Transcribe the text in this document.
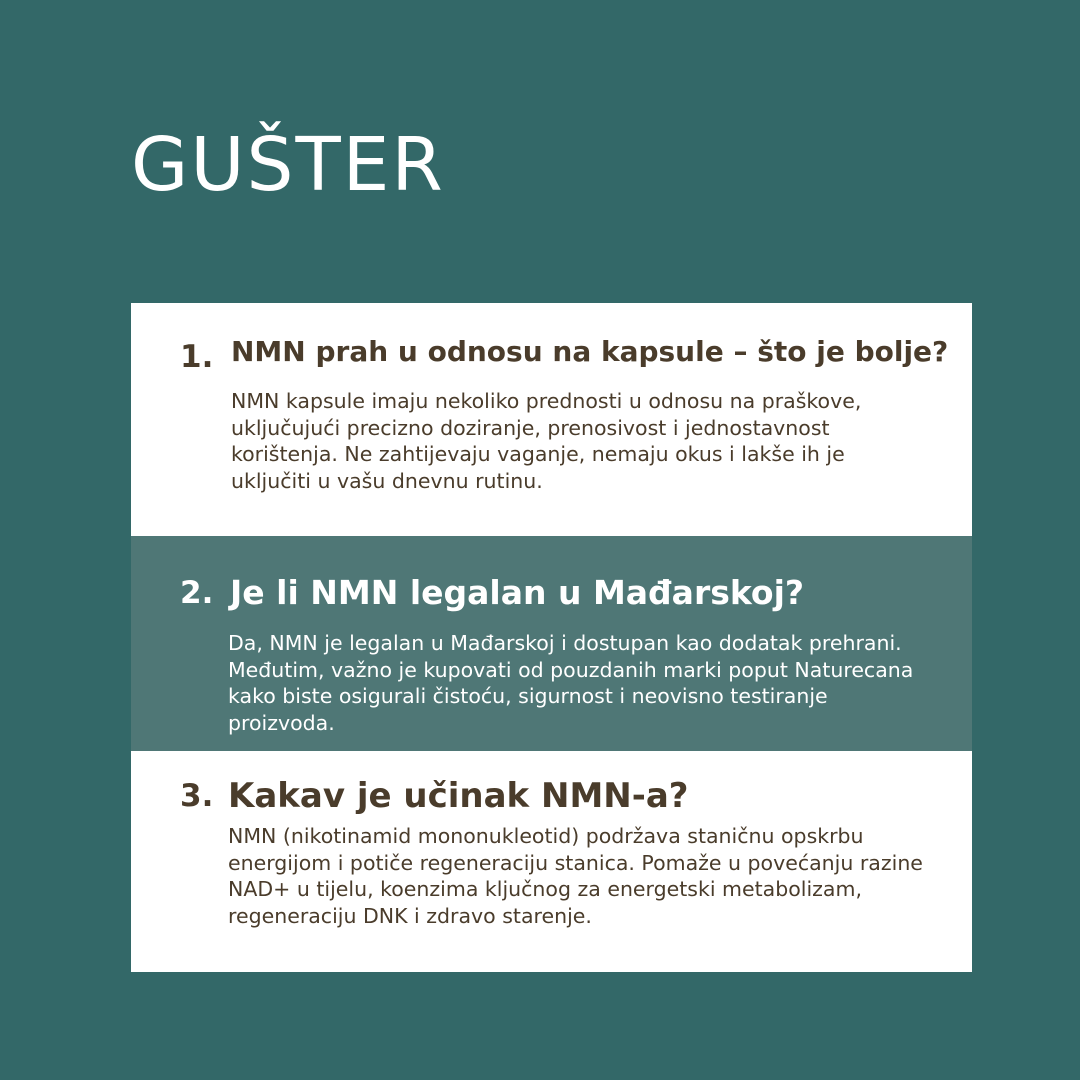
GUŠTER
1. NMN prah u odnosu na kapsule – što je bolje?

NMN kapsule imaju nekoliko prednosti u odnosu na praškove, uključujući precizno doziranje, prenosivost i jednostavnost korištenja. Ne zahtijevaju vaganje, nemaju okus i lakše ih je uključiti u vašu dnevnu rutinu.

2. Je li NMN legalan u Mađarskoj?

Da, NMN je legalan u Mađarskoj i dostupan kao dodatak prehrani. Međutim, važno je kupovati od pouzdanih marki poput Naturecana kako biste osigurali čistoću, sigurnost i neovisno testiranje proizvoda.

3. Kakav je učinak NMN-a?

NMN (nikotinamid mononukleotid) podržava staničnu opskrbu energijom i potiče regeneraciju stanica. Pomaže u povećanju razine NAD+ u tijelu, koenzima ključnog za energetski metabolizam, regeneraciju DNK i zdravo starenje.
